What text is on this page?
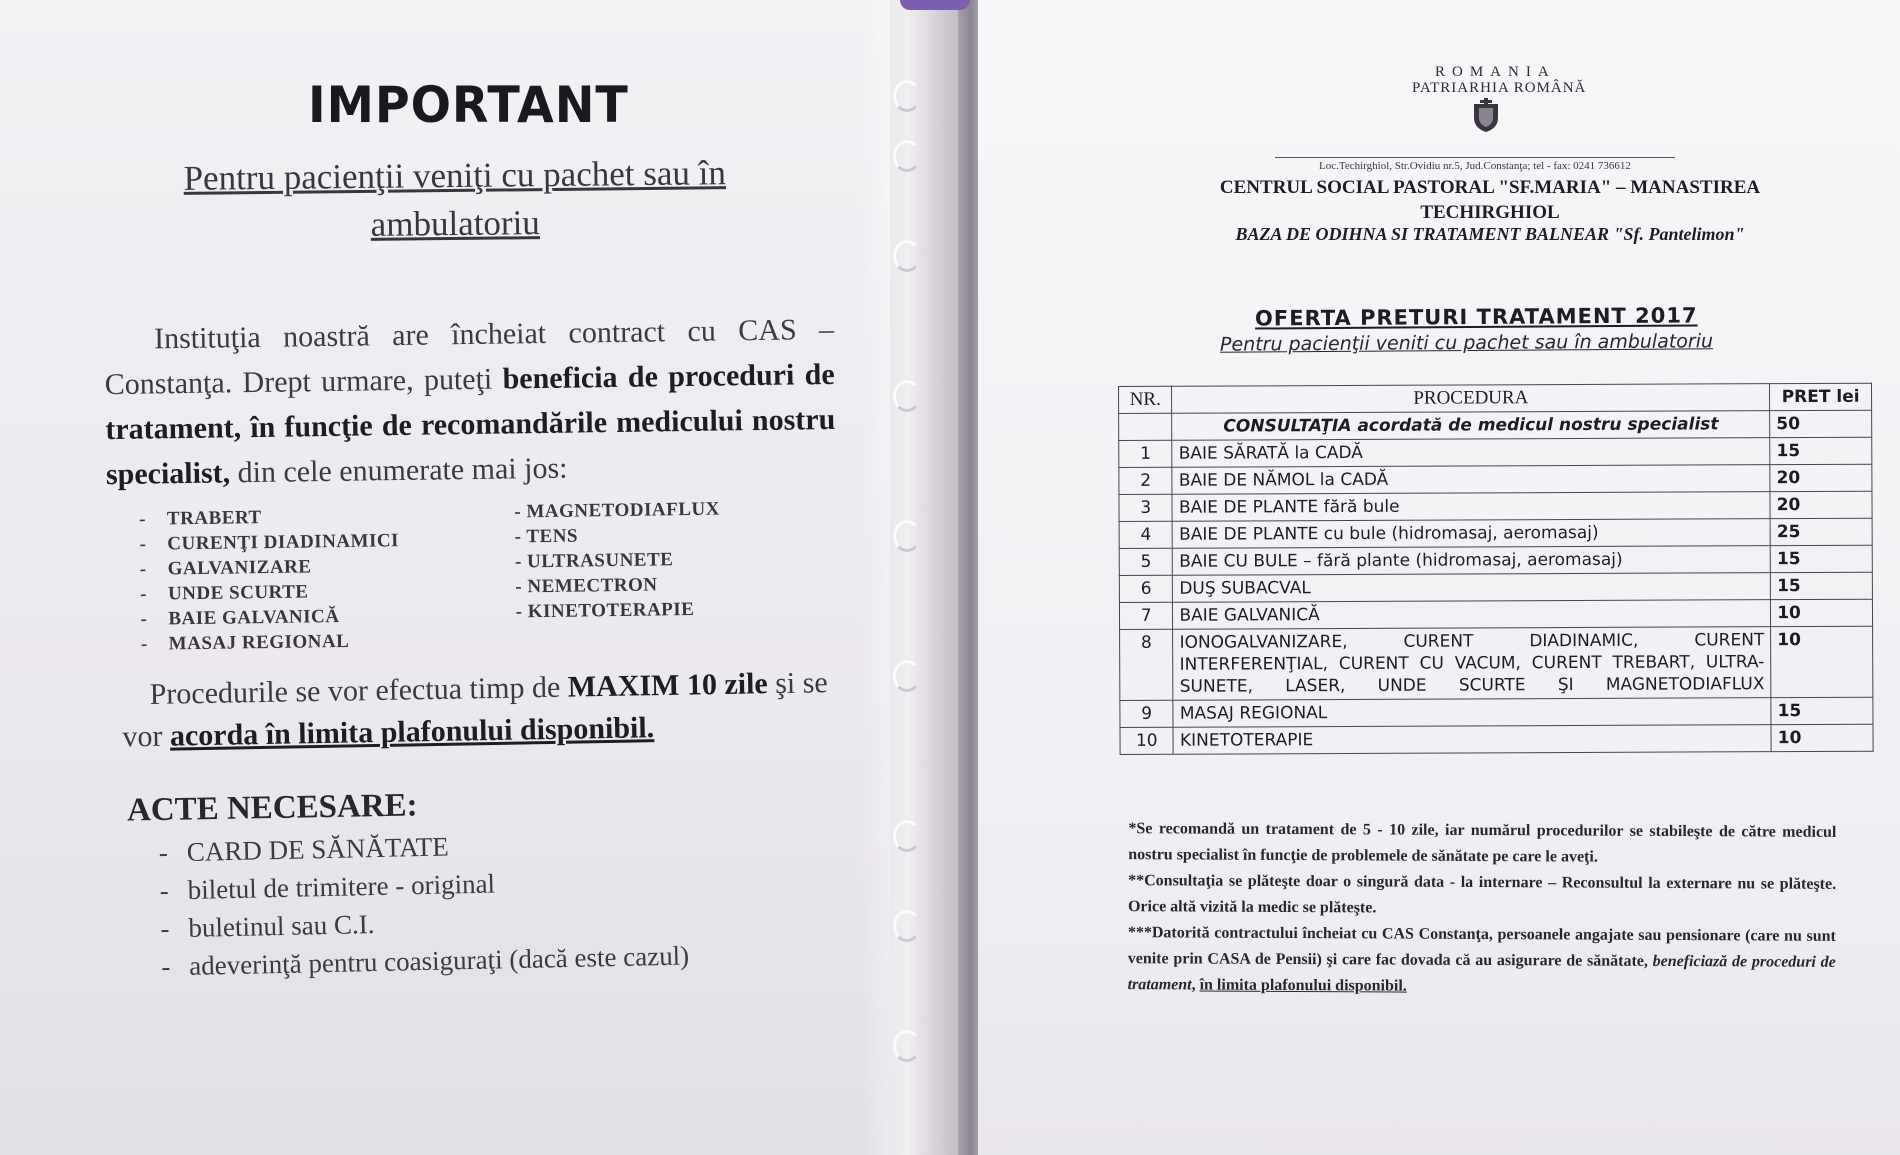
IMPORTANT
Pentru pacienţii veniţi cu pachet sau în ambulatoriu
Instituţia noastră are încheiat contract cu CAS – Constanţa. Drept urmare, puteţi beneficia de proceduri de tratament, în funcţie de recomandările medicului nostru specialist, din cele enumerate mai jos:
-    TRABERT
-    CURENŢI DIADINAMICI
-    GALVANIZARE
-    UNDE SCURTE
-    BAIE GALVANICĂ
-    MASAJ REGIONAL
- MAGNETODIAFLUX
- TENS
- ULTRASUNETE
- NEMECTRON
- KINETOTERAPIE
Procedurile se vor efectua timp de MAXIM 10 zile şi se vor acorda în limita plafonului disponibil.
ACTE NECESARE:
- CARD DE SĂNĂTATE
- biletul de trimitere - original
- buletinul sau C.I.
- adeverinţă pentru coasiguraţi (dacă este cazul)
ROMANIA
PATRIARHIA ROMÂNĂ
Loc.Techirghiol, Str.Ovidiu nr.5, Jud.Constanţa; tel - fax: 0241 736612
CENTRUL SOCIAL PASTORAL "SF.MARIA" – MANASTIREA
TECHIRGHIOL
BAZA DE ODIHNA SI TRATAMENT BALNEAR "Sf. Pantelimon"
OFERTA PRETURI TRATAMENT 2017
Pentru pacienţii veniti cu pachet sau în ambulatoriu
NR.	PROCEDURA	PRET lei
	CONSULTAŢIA acordată de medicul nostru specialist	50
1	BAIE SĂRATĂ la CADĂ	15
2	BAIE DE NĂMOL la CADĂ	20
3	BAIE DE PLANTE fără bule	20
4	BAIE DE PLANTE cu bule (hidromasaj, aeromasaj)	25
5	BAIE CU BULE – fără plante (hidromasaj, aeromasaj)	15
6	DUŞ SUBACVAL	15
7	BAIE GALVANICĂ	10
8	IONOGALVANIZARE, CURENT DIADINAMIC, CURENT INTERFERENŢIAL, CURENT CU VACUM, CURENT TREBART, ULTRA-SUNETE, LASER, UNDE SCURTE ŞI MAGNETODIAFLUX	10
9	MASAJ REGIONAL	15
10	KINETOTERAPIE	10

*Se recomandă un tratament de 5 - 10 zile, iar numărul procedurilor se stabileşte de către medicul nostru specialist în funcţie de problemele de sănătate pe care le aveţi.

**Consultaţia se plăteşte doar o singură data - la internare – Reconsultul la externare nu se plăteşte. Orice altă vizită la medic se plăteşte.

***Datorită contractului încheiat cu CAS Constanţa, persoanele angajate sau pensionare (care nu sunt venite prin CASA de Pensii) şi care fac dovada că au asigurare de sănătate, beneficiază de proceduri de tratament, în limita plafonului disponibil.
